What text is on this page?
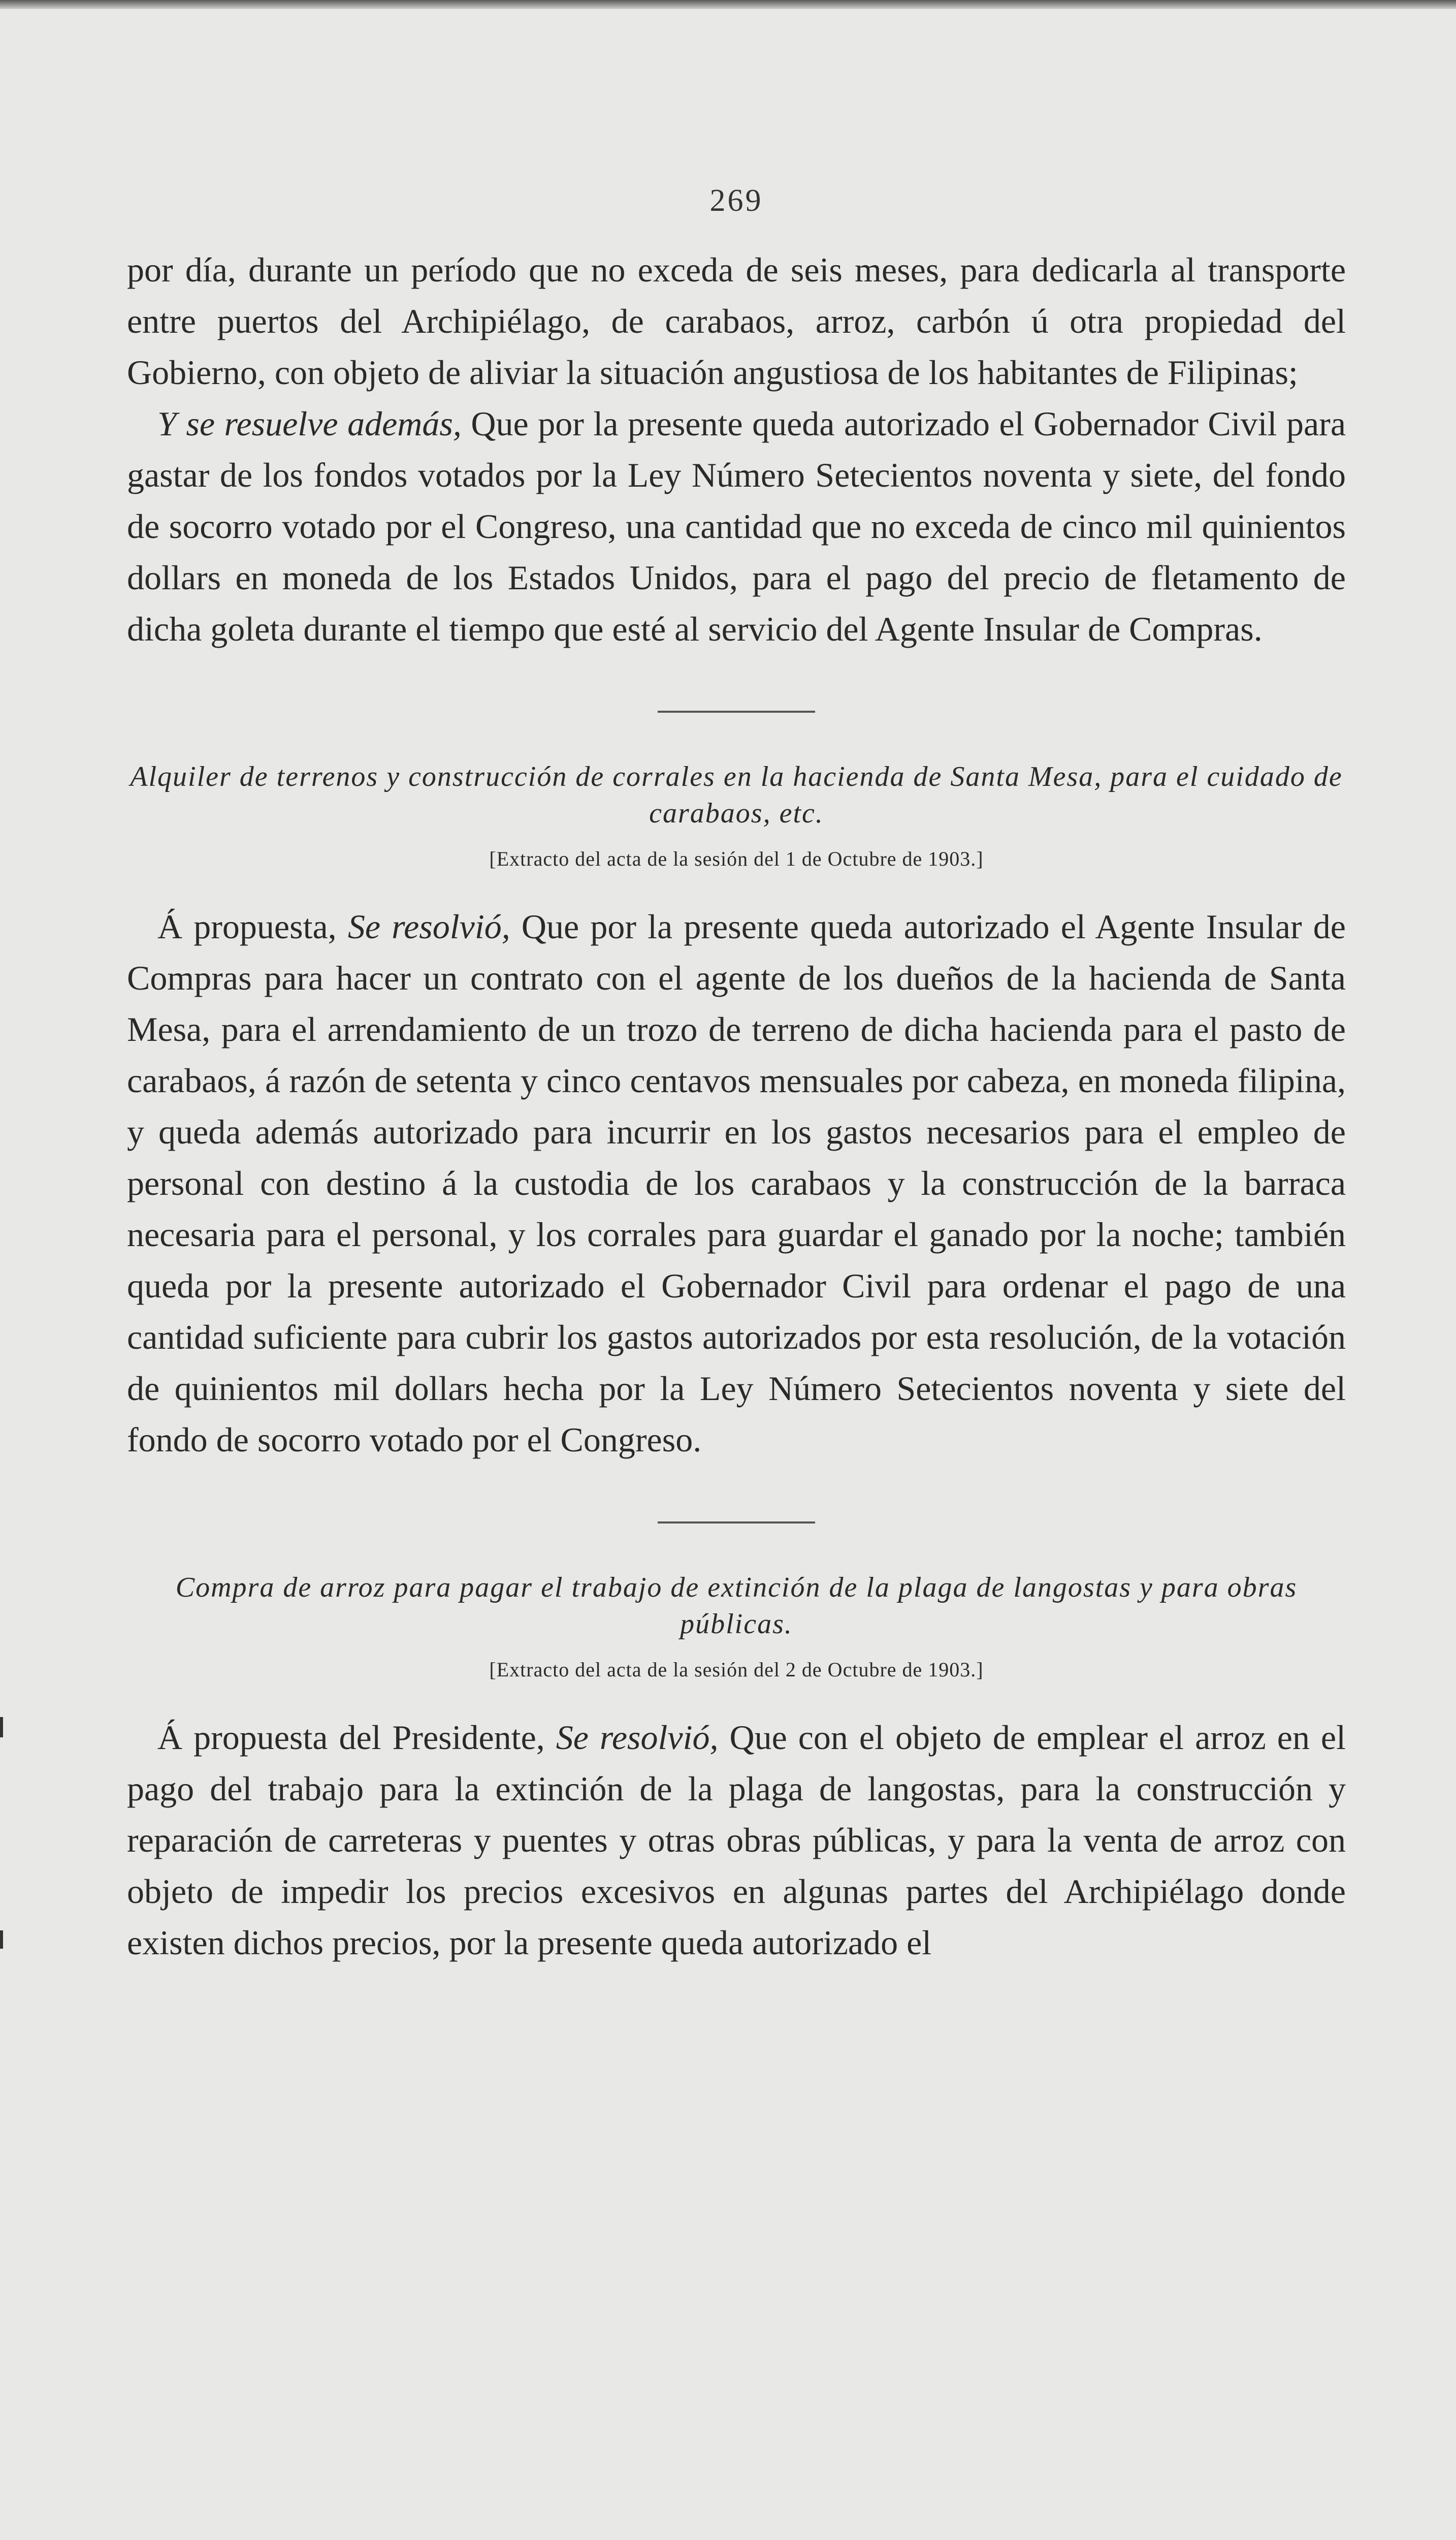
269

por día, durante un período que no exceda de seis meses, para dedicarla al transporte entre puertos del Archipiélago, de carabaos, arroz, carbón ú otra propiedad del Gobierno, con objeto de aliviar la situación angustiosa de los habitantes de Filipinas;

Y se resuelve además, Que por la presente queda autorizado el Gobernador Civil para gastar de los fondos votados por la Ley Número Setecientos noventa y siete, del fondo de socorro votado por el Congreso, una cantidad que no exceda de cinco mil quinientos dollars en moneda de los Estados Unidos, para el pago del precio de fletamento de dicha goleta durante el tiempo que esté al servicio del Agente Insular de Compras.

Alquiler de terrenos y construcción de corrales en la hacienda de Santa Mesa, para el cuidado de carabaos, etc.
[Extracto del acta de la sesión del 1 de Octubre de 1903.]

Á propuesta, Se resolvió, Que por la presente queda autorizado el Agente Insular de Compras para hacer un contrato con el agente de los dueños de la hacienda de Santa Mesa, para el arrendamiento de un trozo de terreno de dicha hacienda para el pasto de carabaos, á razón de setenta y cinco centavos mensuales por cabeza, en moneda filipina, y queda además autorizado para incurrir en los gastos necesarios para el empleo de personal con destino á la custodia de los carabaos y la construcción de la barraca necesaria para el personal, y los corrales para guardar el ganado por la noche; también queda por la presente autorizado el Gobernador Civil para ordenar el pago de una cantidad suficiente para cubrir los gastos autorizados por esta resolución, de la votación de quinientos mil dollars hecha por la Ley Número Setecientos noventa y siete del fondo de socorro votado por el Congreso.

Compra de arroz para pagar el trabajo de extinción de la plaga de langostas y para obras públicas.
[Extracto del acta de la sesión del 2 de Octubre de 1903.]

Á propuesta del Presidente, Se resolvió, Que con el objeto de emplear el arroz en el pago del trabajo para la extinción de la plaga de langostas, para la construcción y reparación de carreteras y puentes y otras obras públicas, y para la venta de arroz con objeto de impedir los precios excesivos en algunas partes del Archipiélago donde existen dichos precios, por la presente queda autorizado el
